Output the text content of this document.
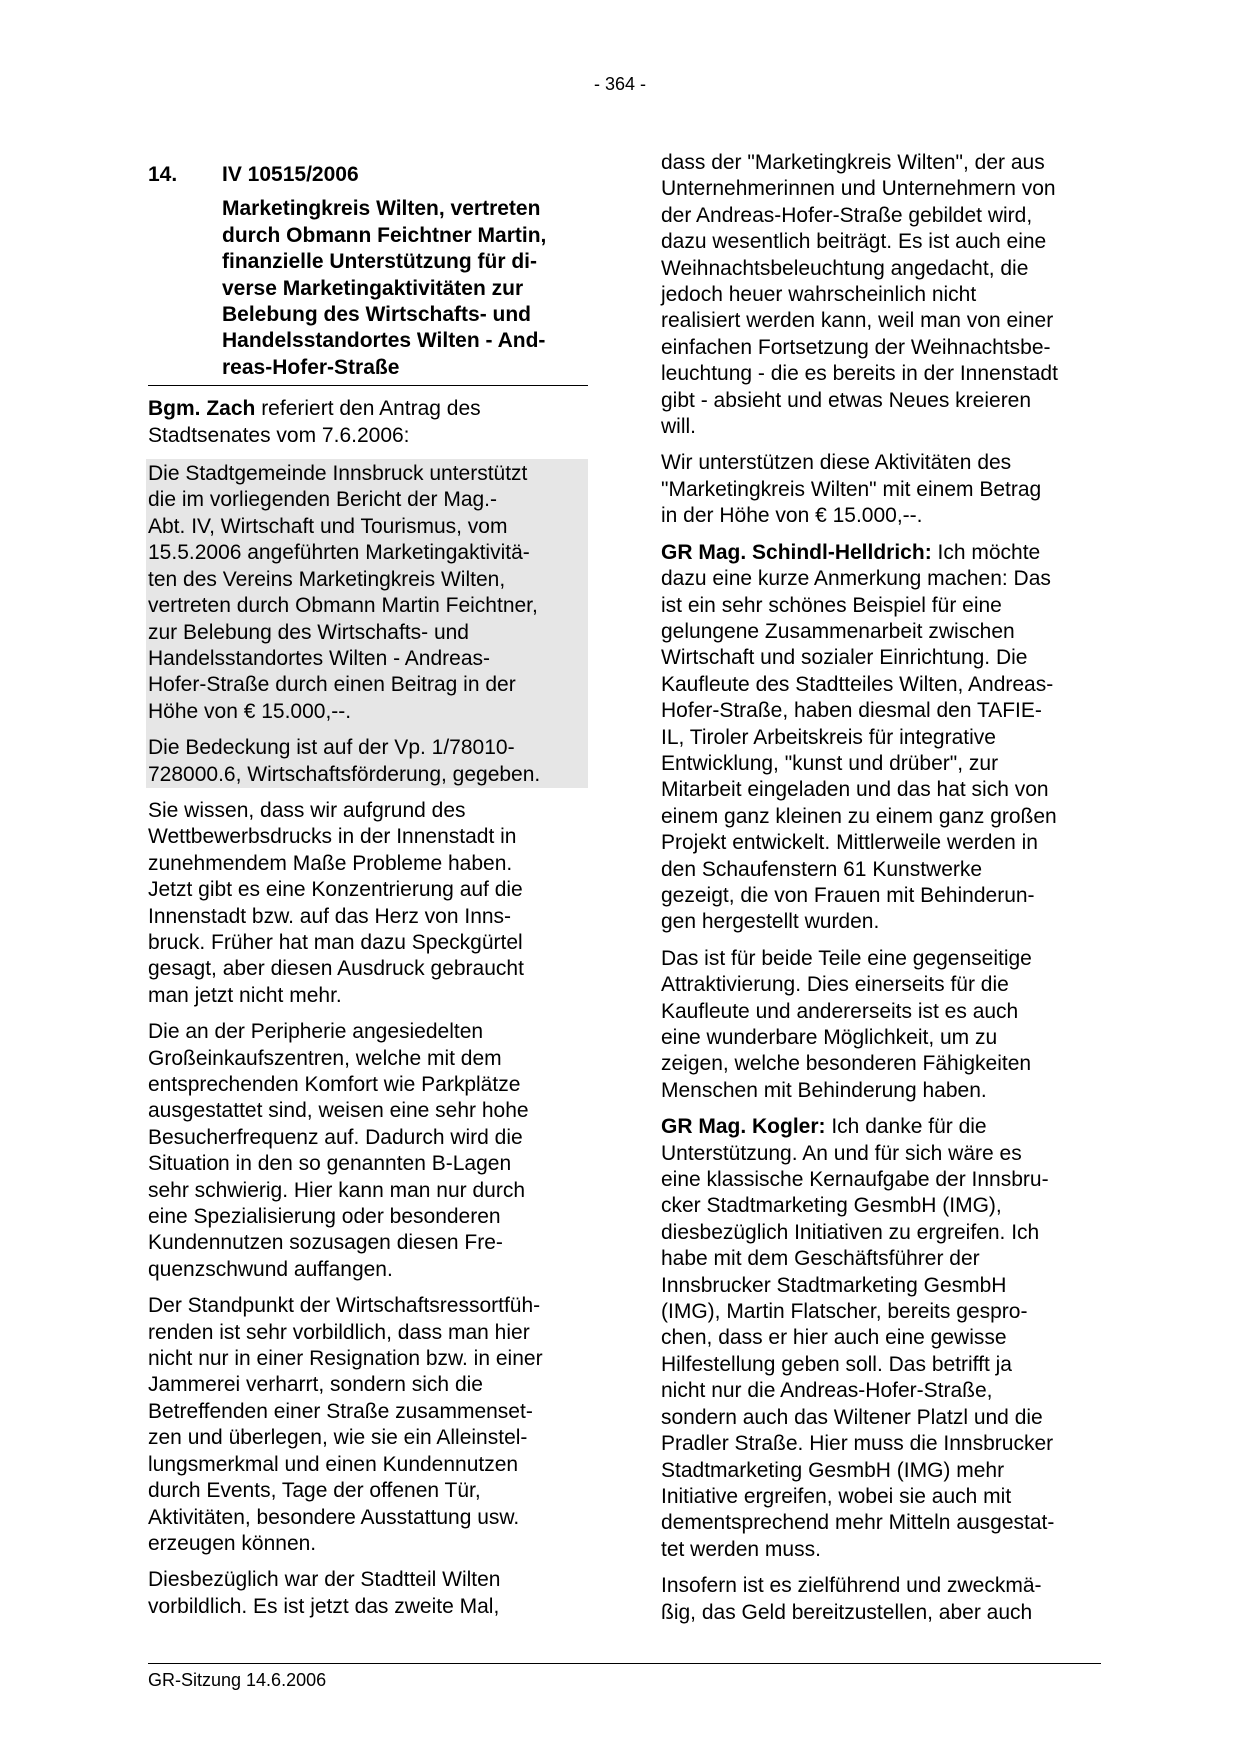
- 364 -
14.	IV 10515/2006
Marketingkreis Wilten, vertreten
durch Obmann Feichtner Martin,
finanzielle Unterstützung für di-
verse Marketingaktivitäten zur
Belebung des Wirtschafts- und
Handelsstandortes Wilten - And-
reas-Hofer-Straße

Bgm. Zach referiert den Antrag des
Stadtsenates vom 7.6.2006:

Die Stadtgemeinde Innsbruck unterstützt
die im vorliegenden Bericht der Mag.-
Abt. IV, Wirtschaft und Tourismus, vom
15.5.2006 angeführten Marketingaktivitä-
ten des Vereins Marketingkreis Wilten,
vertreten durch Obmann Martin Feichtner,
zur Belebung des Wirtschafts- und
Handelsstandortes Wilten - Andreas-
Hofer-Straße durch einen Beitrag in der
Höhe von € 15.000,--.

Die Bedeckung ist auf der Vp. 1/78010-
728000.6, Wirtschaftsförderung, gegeben.

Sie wissen, dass wir aufgrund des
Wettbewerbsdrucks in der Innenstadt in
zunehmendem Maße Probleme haben.
Jetzt gibt es eine Konzentrierung auf die
Innenstadt bzw. auf das Herz von Inns-
bruck. Früher hat man dazu Speckgürtel
gesagt, aber diesen Ausdruck gebraucht
man jetzt nicht mehr.

Die an der Peripherie angesiedelten
Großeinkaufszentren, welche mit dem
entsprechenden Komfort wie Parkplätze
ausgestattet sind, weisen eine sehr hohe
Besucherfrequenz auf. Dadurch wird die
Situation in den so genannten B-Lagen
sehr schwierig. Hier kann man nur durch
eine Spezialisierung oder besonderen
Kundennutzen sozusagen diesen Fre-
quenzschwund auffangen.

Der Standpunkt der Wirtschaftsressortfüh-
renden ist sehr vorbildlich, dass man hier
nicht nur in einer Resignation bzw. in einer
Jammerei verharrt, sondern sich die
Betreffenden einer Straße zusammenset-
zen und überlegen, wie sie ein Alleinstel-
lungsmerkmal und einen Kundennutzen
durch Events, Tage der offenen Tür,
Aktivitäten, besondere Ausstattung usw.
erzeugen können.

Diesbezüglich war der Stadtteil Wilten
vorbildlich. Es ist jetzt das zweite Mal,

dass der "Marketingkreis Wilten", der aus
Unternehmerinnen und Unternehmern von
der Andreas-Hofer-Straße gebildet wird,
dazu wesentlich beiträgt. Es ist auch eine
Weihnachtsbeleuchtung angedacht, die
jedoch heuer wahrscheinlich nicht
realisiert werden kann, weil man von einer
einfachen Fortsetzung der Weihnachtsbe-
leuchtung - die es bereits in der Innenstadt
gibt - absieht und etwas Neues kreieren
will.

Wir unterstützen diese Aktivitäten des
"Marketingkreis Wilten" mit einem Betrag
in der Höhe von € 15.000,--.

GR Mag. Schindl-Helldrich: Ich möchte
dazu eine kurze Anmerkung machen: Das
ist ein sehr schönes Beispiel für eine
gelungene Zusammenarbeit zwischen
Wirtschaft und sozialer Einrichtung. Die
Kaufleute des Stadtteiles Wilten, Andreas-
Hofer-Straße, haben diesmal den TAFIE-
IL, Tiroler Arbeitskreis für integrative
Entwicklung, "kunst und drüber", zur
Mitarbeit eingeladen und das hat sich von
einem ganz kleinen zu einem ganz großen
Projekt entwickelt. Mittlerweile werden in
den Schaufenstern 61 Kunstwerke
gezeigt, die von Frauen mit Behinderun-
gen hergestellt wurden.

Das ist für beide Teile eine gegenseitige
Attraktivierung. Dies einerseits für die
Kaufleute und andererseits ist es auch
eine wunderbare Möglichkeit, um zu
zeigen, welche besonderen Fähigkeiten
Menschen mit Behinderung haben.

GR Mag. Kogler: Ich danke für die
Unterstützung. An und für sich wäre es
eine klassische Kernaufgabe der Innsbru-
cker Stadtmarketing GesmbH (IMG),
diesbezüglich Initiativen zu ergreifen. Ich
habe mit dem Geschäftsführer der
Innsbrucker Stadtmarketing GesmbH
(IMG), Martin Flatscher, bereits gespro-
chen, dass er hier auch eine gewisse
Hilfestellung geben soll. Das betrifft ja
nicht nur die Andreas-Hofer-Straße,
sondern auch das Wiltener Platzl und die
Pradler Straße. Hier muss die Innsbrucker
Stadtmarketing GesmbH (IMG) mehr
Initiative ergreifen, wobei sie auch mit
dementsprechend mehr Mitteln ausgestat-
tet werden muss.

Insofern ist es zielführend und zweckmä-
ßig, das Geld bereitzustellen, aber auch

GR-Sitzung 14.6.2006
